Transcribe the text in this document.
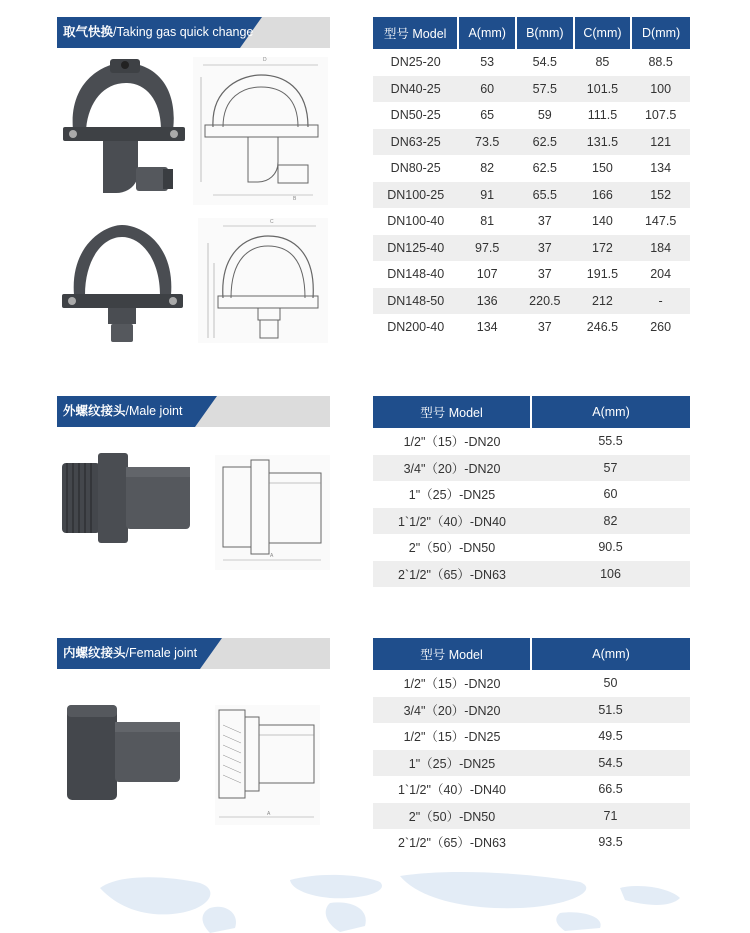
取气快换/Taking gas quick change
D
B
C
型号 Model	A(mm)	B(mm)	C(mm)	D(mm)
DN25-20	53	54.5	85	88.5
DN40-25	60	57.5	101.5	100
DN50-25	65	59	111.5	107.5
DN63-25	73.5	62.5	131.5	121
DN80-25	82	62.5	150	134
DN100-25	91	65.5	166	152
DN100-40	81	37	140	147.5
DN125-40	97.5	37	172	184
DN148-40	107	37	191.5	204
DN148-50	136	220.5	212	-
DN200-40	134	37	246.5	260
外螺纹接头/Male joint
A
型号 Model	A(mm)
1/2"（15）-DN20	55.5
3/4"（20）-DN20	57
1"（25）-DN25	60
1`1/2"（40）-DN40	82
2"（50）-DN50	90.5
2`1/2"（65）-DN63	106
内螺纹接头/Female joint
A
型号 Model	A(mm)
1/2"（15）-DN20	50
3/4"（20）-DN20	51.5
1/2"（15）-DN25	49.5
1"（25）-DN25	54.5
1`1/2"（40）-DN40	66.5
2"（50）-DN50	71
2`1/2"（65）-DN63	93.5
